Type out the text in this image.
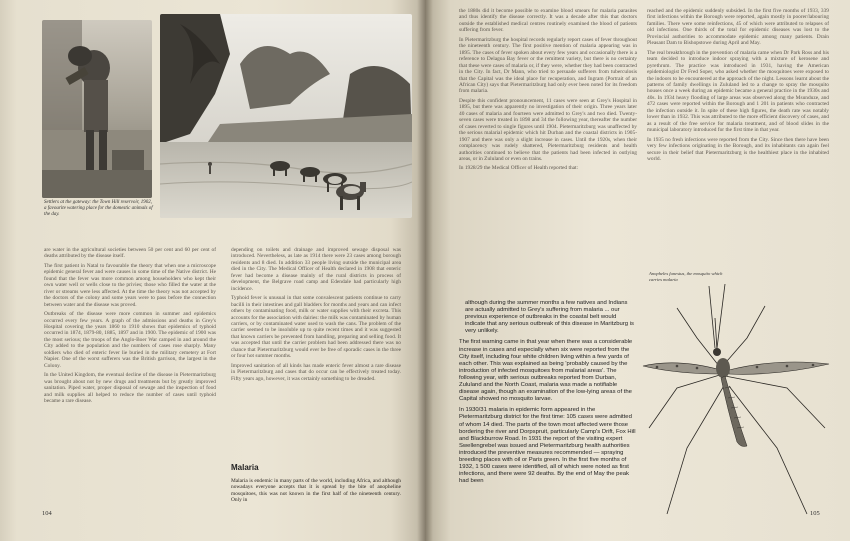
Settlers at the gateway: the Town Hill reservoir, 1902, a favourite watering place for the domestic animals of the day.

are water in the agricultural societies between 50 per cent and 60 per cent of deaths attributed by the disease itself.

The first patient in Natal to favourable the theory that when one a microscope epidemic general fever and were causes in some time of the Native district. He found that the fever was more common among householders who kept their own water well or wells close to the privies; those who filled the water at the river or streams were less affected. At the time the theory was not accepted by the doctors of the colony and some years were to pass before the connection between water and the disease was proved.

Outbreaks of the disease were more common in summer and epidemics occurred every few years. A graph of the admissions and deaths in Grey's Hospital covering the years 1860 to 1910 shows that epidemics of typhoid occurred in 1874, 1879-80, 1885, 1897 and in 1900. The epidemic of 1900 was the most serious; the troops of the Anglo-Boer War camped in and around the City added to the population and the numbers of cases rose sharply. Many soldiers who died of enteric fever lie buried in the military cemetery at Fort Napier. One of the worst sufferers was the British garrison, the largest in the Colony.

In the United Kingdom, the eventual decline of the disease in Pietermaritzburg was brought about not by new drugs and treatments but by greatly improved sanitation. Piped water, proper disposal of sewage and the inspection of food and milk supplies all helped to reduce the number of cases until typhoid became a rare disease.

depending on toilets and drainage and improved sewage disposal was introduced. Nevertheless, as late as 1914 there were 23 cases among borough residents and 8 died. In addition 33 people living outside the municipal area died in the City. The Medical Officer of Health declared in 1908 that enteric fever had become a disease mainly of the rural districts in process of development, the Belgrave road camp and Edendale had particularly high incidence.

Typhoid fever is unusual in that some convalescent patients continue to carry bacilli in their intestines and gall bladders for months and years and can infect others by contaminating food, milk or water supplies with their excreta. This accounts for the association with dairies: the milk was contaminated by human carriers, or by contaminated water used to wash the cans. The problem of the carrier seemed to be insoluble up to quite recent times and it was suggested that known carriers be prevented from handling, preparing and selling food. It was accepted that until the carrier problem had been addressed there was no chance that Pietermaritzburg would ever be free of sporadic cases in the three or four hot summer months.

Improved sanitation of all kinds has made enteric fever almost a rare disease in Pietermaritzburg and cases that do occur can be effectively treated today. Fifty years ago, however, it was certainly something to be dreaded.

Malaria

Malaria is endemic in many parts of the world, including Africa, and although nowadays everyone accepts that it is spread by the bite of anopheline mosquitoes, this was not known in the first half of the nineteenth century. Only in

104

the 1880s did it become possible to examine blood smears for malaria parasites and thus identify the disease correctly. It was a decade after this that doctors outside the established medical centres routinely examined the blood of patients suffering from fever.

In Pietermaritzburg the hospital records regularly report cases of fever throughout the nineteenth century. The first positive mention of malaria appearing was in 1895. The cases of fever spoken about every few years and occasionally there is a reference to Delagoa Bay fever or the remittent variety, but there is no certainty that these were cases of malaria or, if they were, whether they had been contracted in the City. In fact, Dr Mann, who tried to persuade sufferers from tuberculosis that the Capital was the ideal place for recuperation, and Ingram (Portrait of an African City) says that Pietermaritzburg had only ever been noted for its freedom from malaria.

Despite this confident pronouncement, 11 cases were seen at Grey's Hospital in 1895, but there was apparently no investigation of their origin. Three years later 40 cases of malaria and fourteen were admitted to Grey's and two died. Twenty-seven cases were treated in 1898 and 34 the following year, thereafter the number of cases reverted to single figures until 1904. Pietermaritzburg was unaffected by the serious malarial epidemic which hit Durban and the coastal districts in 1905-1907 and there was only a slight increase in cases. Until the 1920s, when their complacency was rudely shattered, Pietermaritzburg residents and health authorities continued to believe that the patients had been infected in outlying areas, or in Zululand or even on trains.

In 1928/29 the Medical Officer of Health reported that:

although during the summer months a few natives and Indians are actually admitted to Grey's suffering from malaria ... our previous experience of outbreaks in the coastal belt would indicate that any serious outbreak of this disease in Maritzburg is very unlikely.

The first warning came in that year when there was a considerable increase in cases and especially when six were reported from the City itself, including four white children living within a few yards of each other. This was explained as being 'probably caused by the introduction of infected mosquitoes from malarial areas'. The following year, with serious outbreaks reported from Durban, Zululand and the North Coast, malaria was made a notifiable disease again, though an examination of the low-lying areas of the Capital showed no mosquito larvae.

In 1930/31 malaria in epidemic form appeared in the Pietermaritzburg district for the first time: 105 cases were admitted of whom 14 died. The parts of the town most affected were those bordering the river and Dorpspruit, particularly Camp's Drift, Fox Hill and Blackburrow Road. In 1931 the report of the visiting expert Swellengrebel was issued and Pietermaritzburg health authorities introduced the preventive measures recommended — spraying breeding places with oil or Paris green. In the first five months of 1932, 1 500 cases were identified, all of which were noted as first infections, and there were 92 deaths. By the end of May the peak had been

reached and the epidemic suddenly subsided. In the first five months of 1933, 339 first infections within the Borough were reported, again mostly in poorer/labouring families. There were some reinfections, 45 of which were attributed to relapses of old infections. One thirds of the total for epidemic diseases was lost to the Provincial authorities to accommodate epidemic among many patients. Drain Pleasant Dam to Bishopstowe during April and May.

The real breakthrough in the prevention of malaria came when Dr Park Ross and his team decided to introduce indoor spraying with a mixture of kerosene and pyrethrum. The practice was introduced in 1931, having the American epidemiologist Dr Fred Soper, who asked whether the mosquitoes were exposed to the indoors to be encountered at the approach of the night. Lessons learnt about the patterns of family dwellings in Zululand led to a change to spray the mosquito houses once a week during an epidemic became a general practice in the 1930s and 40s. In 1934 heavy flooding of large areas was observed along the Msunduze, and 472 cases were reported within the Borough and 1 201 in patients who contracted the infection outside it. In spite of these high figures, the death rate was notably lower than in 1932. This was attributed to the more efficient discovery of cases, and as a result of the free service for malaria treatment, and of blood slides in the municipal laboratory introduced for the first time in that year.

In 1935 no fresh infections were reported from the City. Since then there have been very few infections originating in the Borough, and its inhabitants can again feel secure in their belief that Pietermaritzburg is the healthiest place in the inhabited world.

Anopheles funestus, the mosquito which carries malaria
105
